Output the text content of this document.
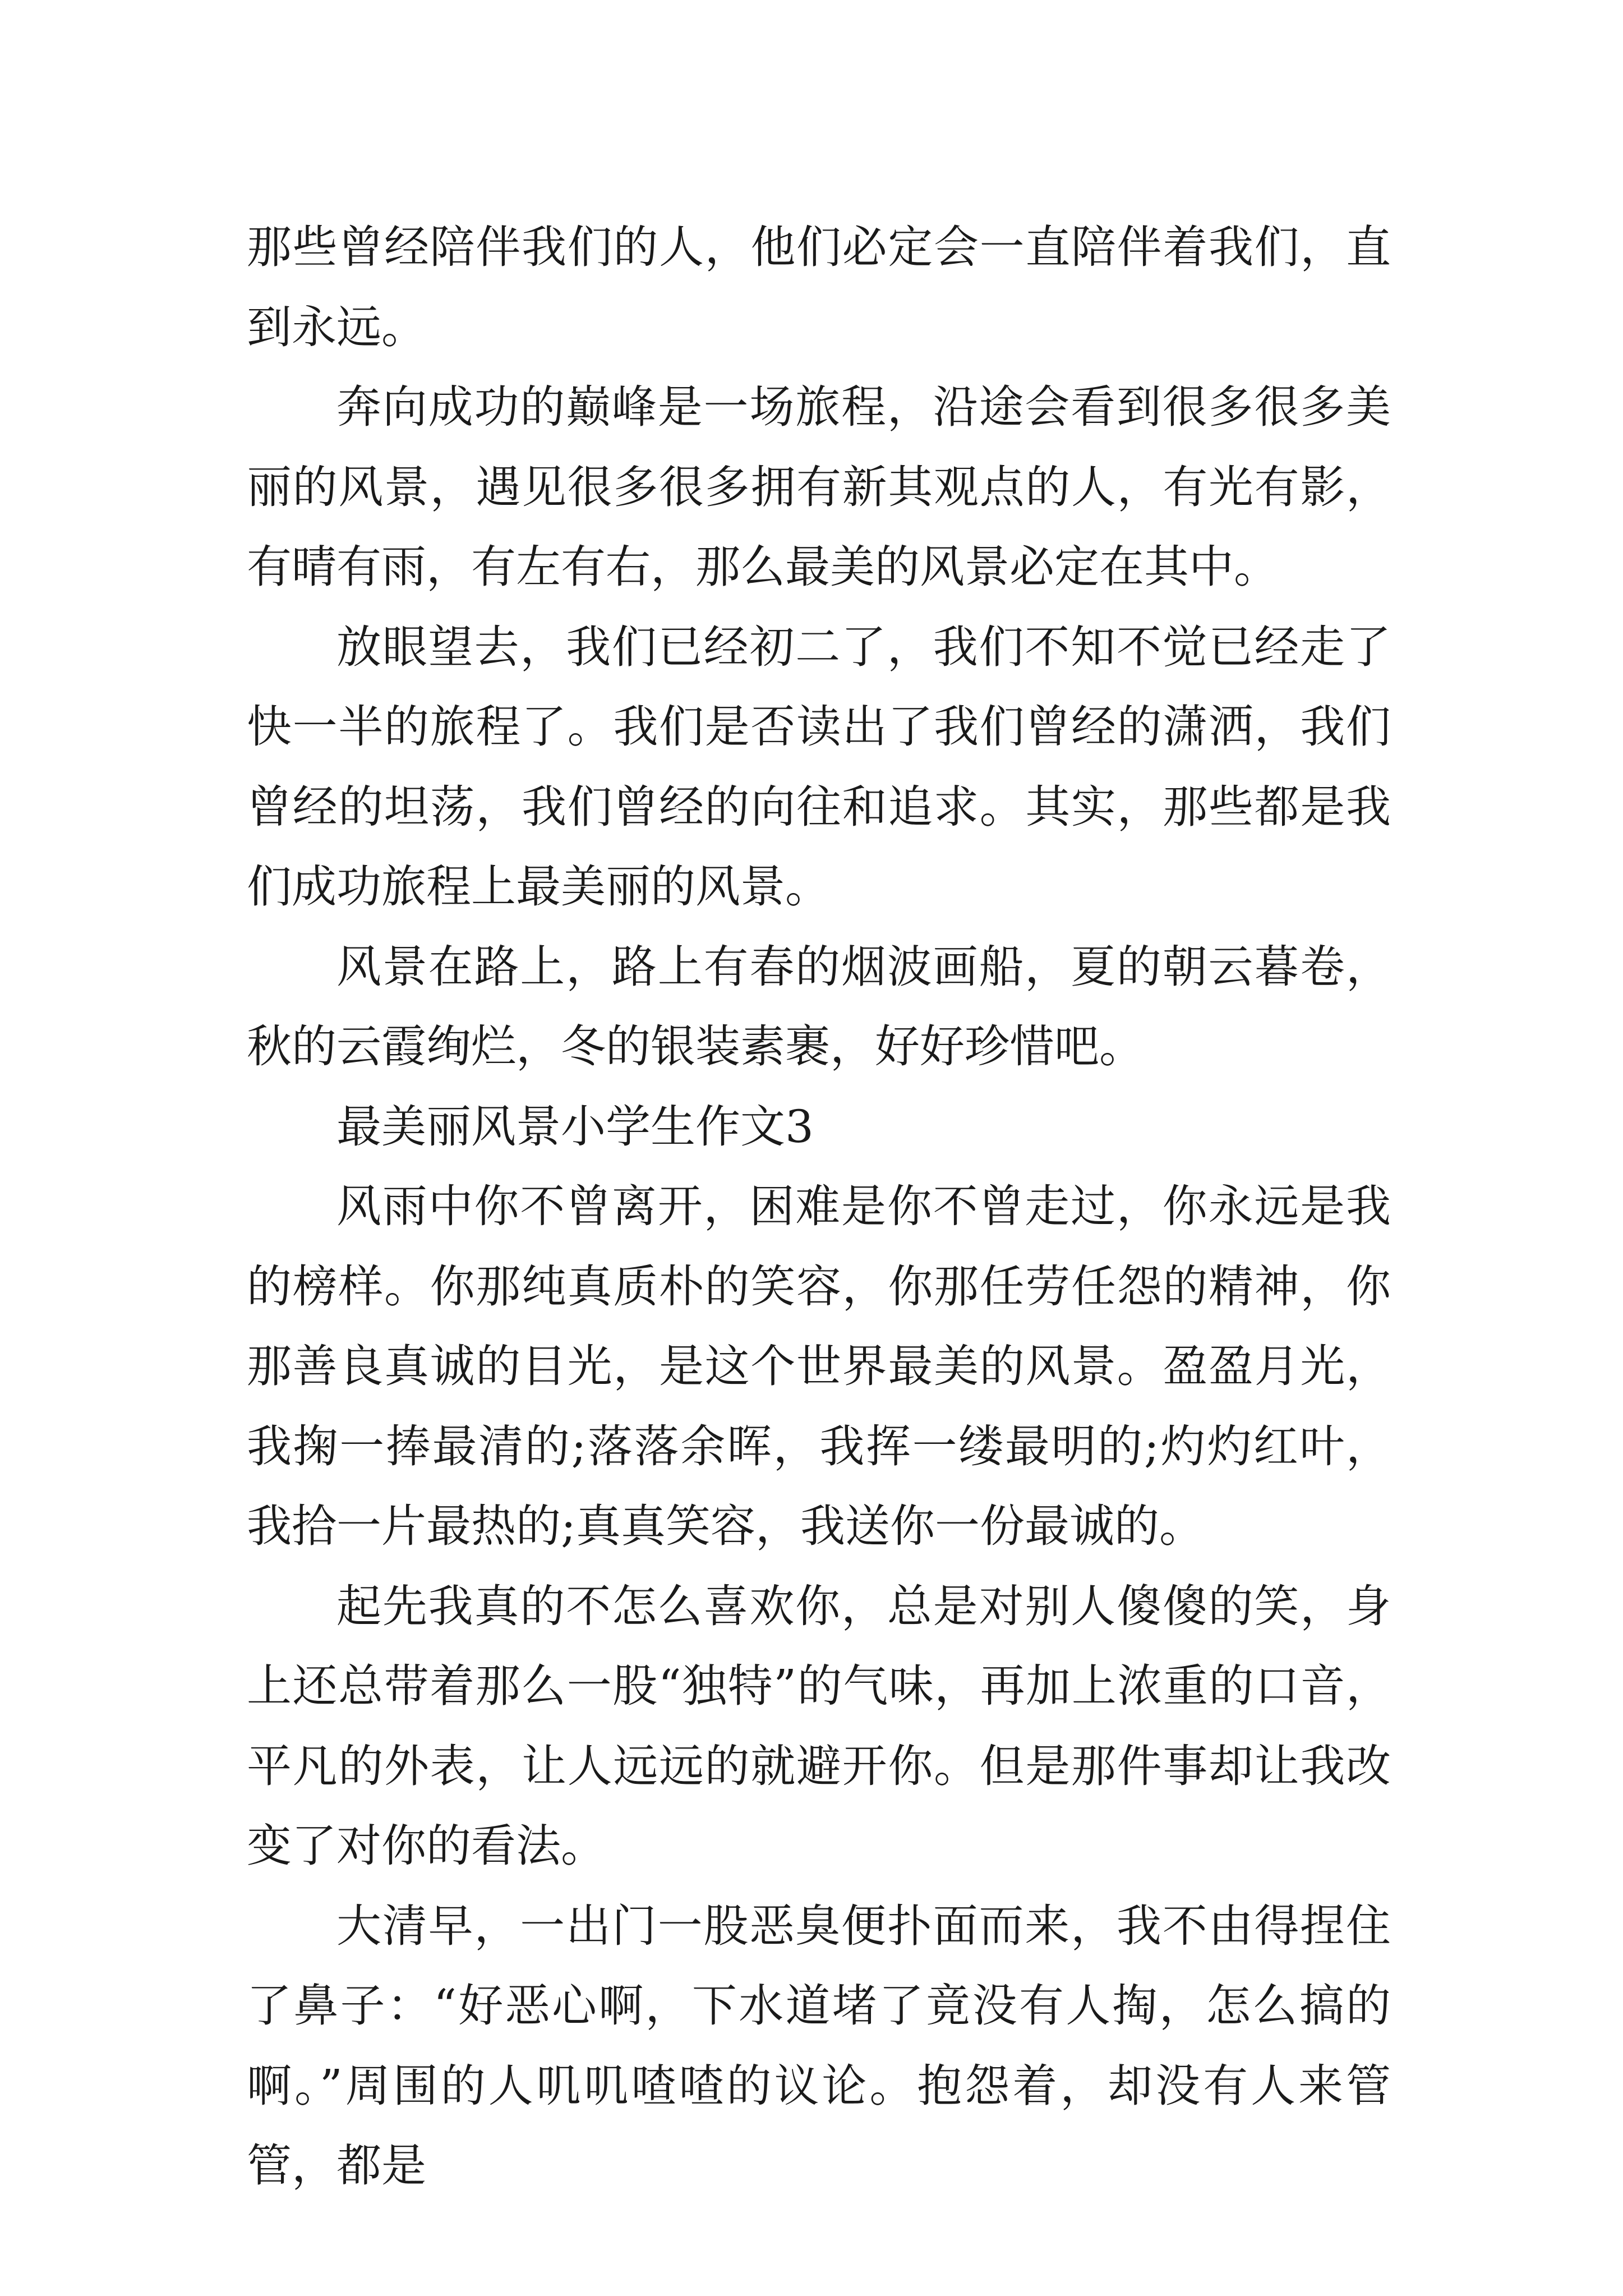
那些曾经陪伴我们的人，他们必定会一直陪伴着我们，直到永远。

奔向成功的巅峰是一场旅程，沿途会看到很多很多美丽的风景，遇见很多很多拥有新其观点的人，有光有影，有晴有雨，有左有右，那么最美的风景必定在其中。

放眼望去，我们已经初二了，我们不知不觉已经走了快一半的旅程了。我们是否读出了我们曾经的潇洒，我们曾经的坦荡，我们曾经的向往和追求。其实，那些都是我们成功旅程上最美丽的风景。

风景在路上，路上有春的烟波画船，夏的朝云暮卷，秋的云霞绚烂，冬的银装素裹，好好珍惜吧。

最美丽风景小学生作文3

风雨中你不曾离开，困难是你不曾走过，你永远是我的榜样。你那纯真质朴的笑容，你那任劳任怨的精神，你那善良真诚的目光，是这个世界最美的风景。盈盈月光，我掬一捧最清的;落落余晖，我挥一缕最明的;灼灼红叶，我拾一片最热的;真真笑容，我送你一份最诚的。

起先我真的不怎么喜欢你，总是对别人傻傻的笑，身上还总带着那么一股“独特”的气味，再加上浓重的口音，平凡的外表，让人远远的就避开你。但是那件事却让我改变了对你的看法。

大清早，一出门一股恶臭便扑面而来，我不由得捏住了鼻子：“好恶心啊，下水道堵了竟没有人掏，怎么搞的啊。”周围的人叽叽喳喳的议论。抱怨着，却没有人来管管，都是
